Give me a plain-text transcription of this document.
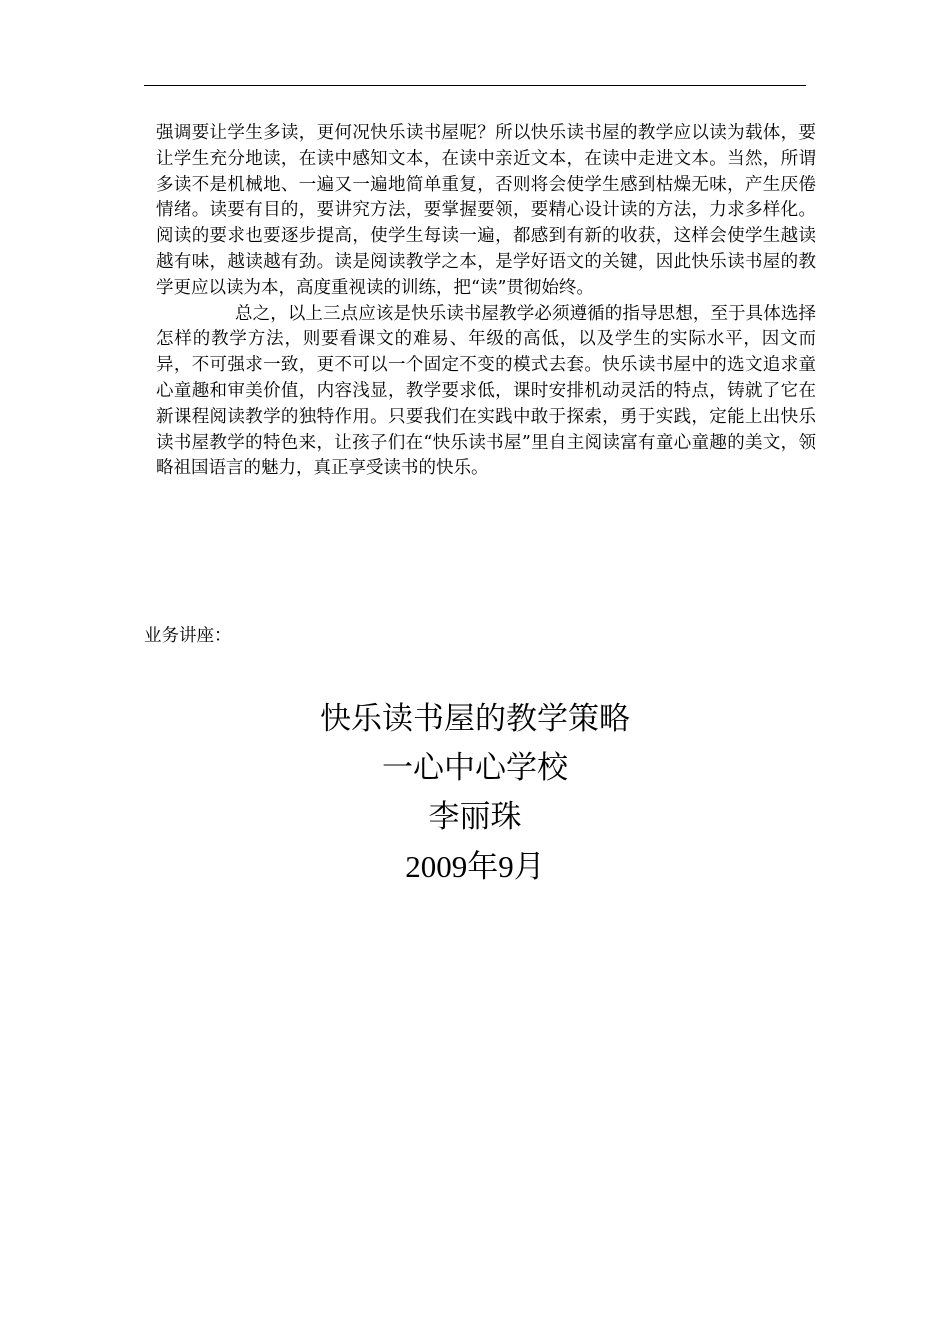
强调要让学生多读，更何况快乐读书屋呢？所以快乐读书屋的教学应以读为载体，要让学生充分地读，在读中感知文本，在读中亲近文本，在读中走进文本。当然，所谓多读不是机械地、一遍又一遍地简单重复，否则将会使学生感到枯燥无味，产生厌倦情绪。读要有目的，要讲究方法，要掌握要领，要精心设计读的方法，力求多样化。阅读的要求也要逐步提高，使学生每读一遍，都感到有新的收获，这样会使学生越读越有味，越读越有劲。读是阅读教学之本，是学好语文的关键，因此快乐读书屋的教学更应以读为本，高度重视读的训练，把“读”贯彻始终。

总之，以上三点应该是快乐读书屋教学必须遵循的指导思想，至于具体选择怎样的教学方法，则要看课文的难易、年级的高低，以及学生的实际水平，因文而异，不可强求一致，更不可以一个固定不变的模式去套。快乐读书屋中的选文追求童心童趣和审美价值，内容浅显，教学要求低，课时安排机动灵活的特点，铸就了它在新课程阅读教学的独特作用。只要我们在实践中敢于探索，勇于实践，定能上出快乐读书屋教学的特色来，让孩子们在“快乐读书屋”里自主阅读富有童心童趣的美文，领略祖国语言的魅力，真正享受读书的快乐。

业务讲座：
快乐读书屋的教学策略
一心中心学校
李丽珠
2009年9月
